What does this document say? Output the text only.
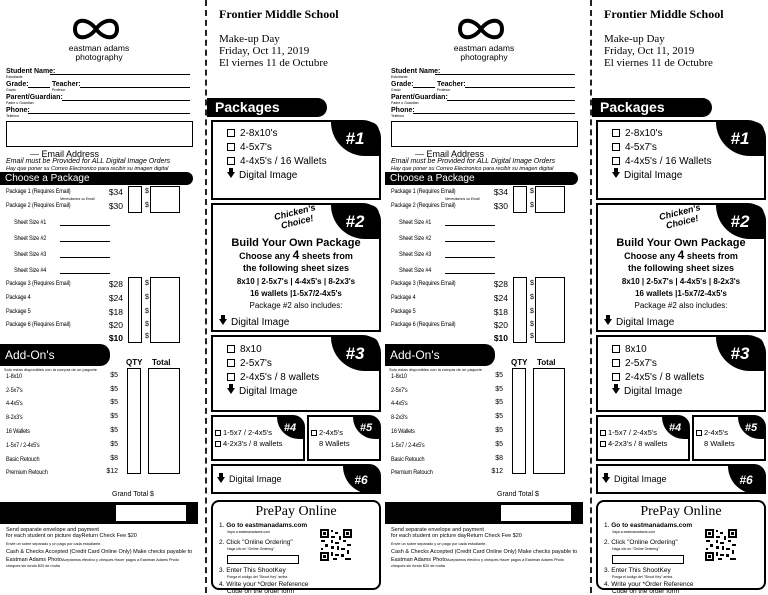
eastman adams
photography
Student Name:
Estudiante
Grade:
Grado
Teacher:
Profesor
Parent/Guardian:
Padre o Guardian
Phone:
Telefono
⎯⎯ Email Address
Email must be Provided for ALL Digital Image Orders
Hay que poner su Correo Electronico para recibir su imagen digital
Choose a Package
Package 1 (Requires Email)	$34
Necesitamos su Email
Package 2 (Requires Email)	$30
$
$
Sheet Size #1
Sheet Size #2
Sheet Size #3
Sheet Size #4
Package 3 (Requires Email)	$28
Package 4	$24
Package 5	$18
Package 6 (Requires Email)	$20
$10
$
$
$
$
$
Add-On's
QTY Total
Solo estan disponibles con la compra de un paquete
1-8x10	$5
2-5x7's	$5
4-4x5's	$5
8-2x3's	$5
16 Wallets	$5
1-5x7 / 2-4x5's	$5
Basic Retouch	$8
Premium Retouch	$12
Grand Total $
Send separate envelope and payment
for each student on picture dayReturn Check Fee $20
Envie un sobre separado y un pago por cada estudiante.
Cash & Checks Accepted (Credit Card Online Only) Make checks payable to
Eastman Adams PhotoAceptamos efectivo y cheques Hacer pagos a Eastman Adams Photo
cheques sin fondo $20 de multa
Frontier Middle School
Make-up Day
Friday, Oct 11, 2019
El viernes 11 de Octubre
Packages
#1
2-8x10's
4-5x7's
4-4x5's / 16 Wallets
Digital Image
#2
Chicken's Choice!
Build Your Own Package
Choose any 4 sheets from
the following sheet sizes
8x10 | 2-5x7's | 4-4x5's | 8-2x3's
16 wallets |1-5x7/2-4x5's
Package #2 also includes:
Digital Image
#3
8x10
2-5x7's
2-4x5's / 8 wallets
Digital Image
#4
1-5x7 / 2-4x5's
4-2x3's / 8 wallets
#5
2-4x5's
8 Wallets
#6
Digital Image
PrePay Online
1. Go to eastmanadams.com
Vaya a eastmanadams.com
2. Click "Online Ordering"
Haga clic en "Online Ordering"
3. Enter This ShootKey
Ponga el codigo del "Shoot Key" arriba
4. Write your *Order Reference
Code on the order form
eastman adams
photography
Student Name:
Estudiante
Grade:
Grado
Teacher:
Profesor
Parent/Guardian:
Padre o Guardian
Phone:
Telefono
⎯⎯ Email Address
Email must be Provided for ALL Digital Image Orders
Hay que poner su Correo Electronico para recibir su imagen digital
Choose a Package
Package 1 (Requires Email)	$34
Necesitamos su Email
Package 2 (Requires Email)	$30
$
$
Sheet Size #1
Sheet Size #2
Sheet Size #3
Sheet Size #4
Package 3 (Requires Email)	$28
Package 4	$24
Package 5	$18
Package 6 (Requires Email)	$20
$10
$
$
$
$
$
Add-On's
QTY Total
Solo estan disponibles con la compra de un paquete
1-8x10	$5
2-5x7's	$5
4-4x5's	$5
8-2x3's	$5
16 Wallets	$5
1-5x7 / 2-4x5's	$5
Basic Retouch	$8
Premium Retouch	$12
Grand Total $
Send separate envelope and payment
for each student on picture dayReturn Check Fee $20
Envie un sobre separado y un pago por cada estudiante.
Cash & Checks Accepted (Credit Card Online Only) Make checks payable to
Eastman Adams PhotoAceptamos efectivo y cheques Hacer pagos a Eastman Adams Photo
cheques sin fondo $20 de multa
Frontier Middle School
Make-up Day
Friday, Oct 11, 2019
El viernes 11 de Octubre
Packages
#1
2-8x10's
4-5x7's
4-4x5's / 16 Wallets
Digital Image
#2
Chicken's Choice!
Build Your Own Package
Choose any 4 sheets from
the following sheet sizes
8x10 | 2-5x7's | 4-4x5's | 8-2x3's
16 wallets |1-5x7/2-4x5's
Package #2 also includes:
Digital Image
#3
8x10
2-5x7's
2-4x5's / 8 wallets
Digital Image
#4
1-5x7 / 2-4x5's
4-2x3's / 8 wallets
#5
2-4x5's
8 Wallets
#6
Digital Image
PrePay Online
1. Go to eastmanadams.com
Vaya a eastmanadams.com
2. Click "Online Ordering"
Haga clic en "Online Ordering"
3. Enter This ShootKey
Ponga el codigo del "Shoot Key" arriba
4. Write your *Order Reference
Code on the order form
